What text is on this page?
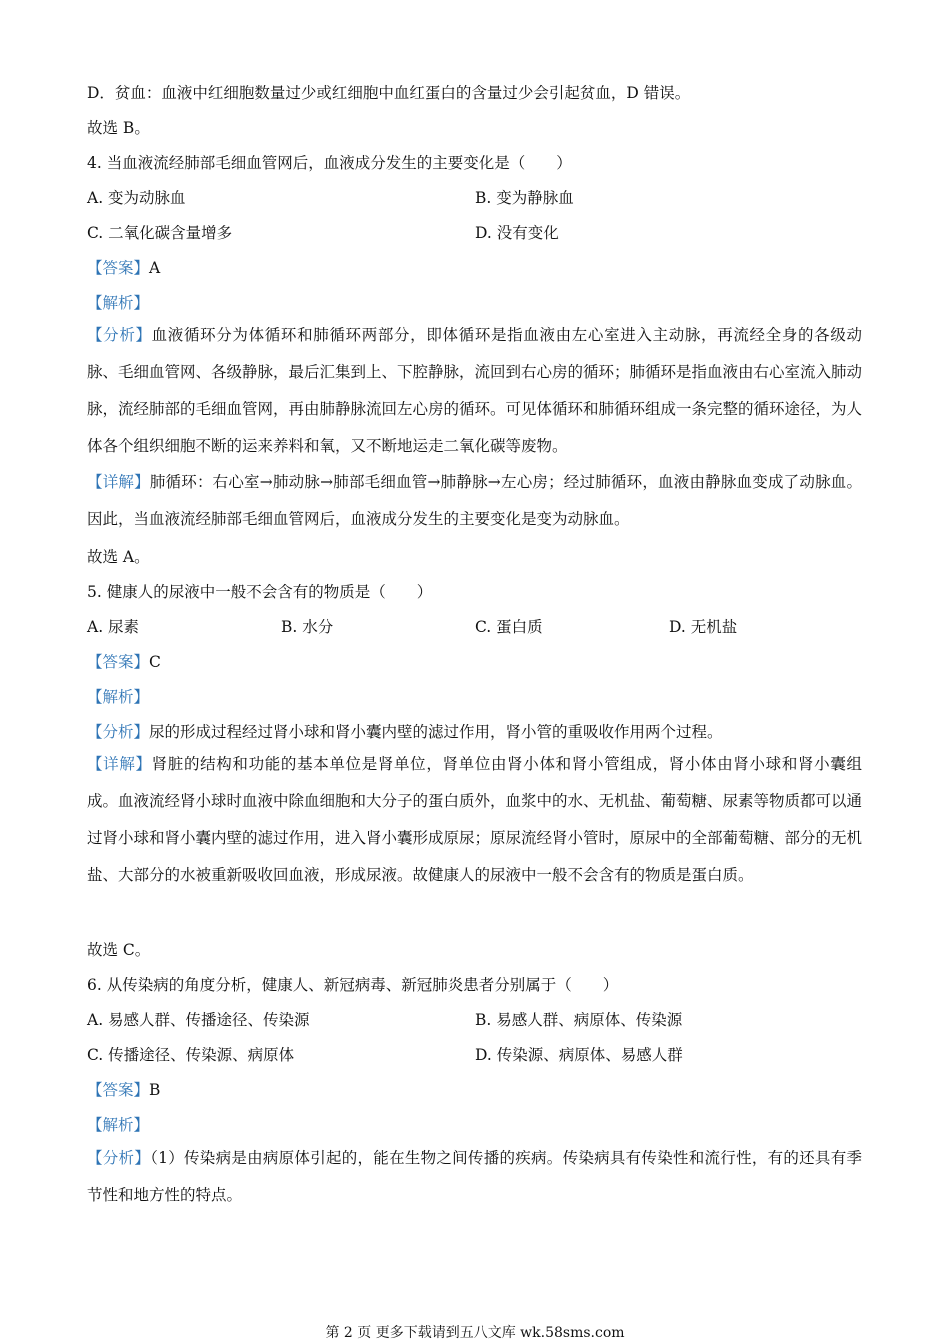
D．贫血：血液中红细胞数量过少或红细胞中血红蛋白的含量过少会引起贫血，D 错误。
故选 B。
4. 当血液流经肺部毛细血管网后，血液成分发生的主要变化是（　　）
A. 变为动脉血	B. 变为静脉血
C. 二氧化碳含量增多	D. 没有变化
【答案】A
【解析】
【分析】血液循环分为体循环和肺循环两部分，即体循环是指血液由左心室进入主动脉，再流经全身的各级动脉、毛细血管网、各级静脉，最后汇集到上、下腔静脉，流回到右心房的循环；肺循环是指血液由右心室流入肺动脉，流经肺部的毛细血管网，再由肺静脉流回左心房的循环。可见体循环和肺循环组成一条完整的循环途径，为人体各个组织细胞不断的运来养料和氧，又不断地运走二氧化碳等废物。
【详解】肺循环：右心室→肺动脉→肺部毛细血管→肺静脉→左心房；经过肺循环，血液由静脉血变成了动脉血。因此，当血液流经肺部毛细血管网后，血液成分发生的主要变化是变为动脉血。
故选 A。
5. 健康人的尿液中一般不会含有的物质是（　　）
A. 尿素	B. 水分	C. 蛋白质	D. 无机盐
【答案】C
【解析】
【分析】尿的形成过程经过肾小球和肾小囊内壁的滤过作用，肾小管的重吸收作用两个过程。
【详解】肾脏的结构和功能的基本单位是肾单位，肾单位由肾小体和肾小管组成，肾小体由肾小球和肾小囊组成。血液流经肾小球时血液中除血细胞和大分子的蛋白质外，血浆中的水、无机盐、葡萄糖、尿素等物质都可以通过肾小球和肾小囊内壁的滤过作用，进入肾小囊形成原尿；原尿流经肾小管时，原尿中的全部葡萄糖、部分的无机盐、大部分的水被重新吸收回血液，形成尿液。故健康人的尿液中一般不会含有的物质是蛋白质。
故选 C。
6. 从传染病的角度分析，健康人、新冠病毒、新冠肺炎患者分别属于（　　）
A. 易感人群、传播途径、传染源	B. 易感人群、病原体、传染源
C. 传播途径、传染源、病原体	D. 传染源、病原体、易感人群
【答案】B
【解析】
【分析】（1）传染病是由病原体引起的，能在生物之间传播的疾病。传染病具有传染性和流行性，有的还具有季节性和地方性的特点。
第 2 页 更多下载请到五八文库 wk.58sms.com
